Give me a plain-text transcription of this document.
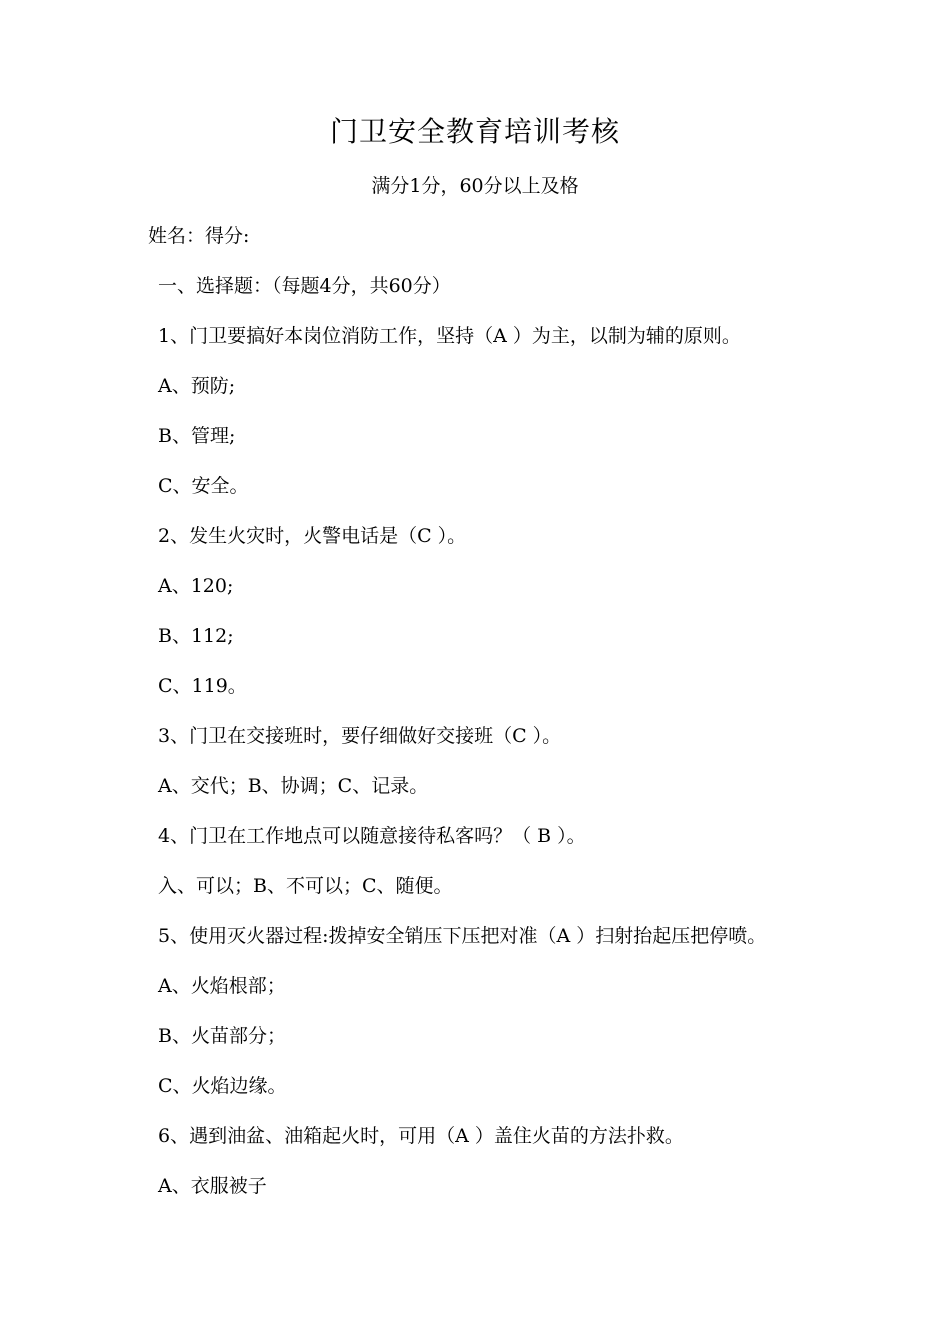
门卫安全教育培训考核
满分1分，60分以上及格
姓名：得分:
一、选择题：（每题4分，共60分）
1、门卫要搞好本岗位消防工作，坚持（A ）为主，以制为辅的原则。
A、预防;
B、管理;
C、安全。
2、发生火灾时，火警电话是（C ）。
A、120;
B、112;
C、119。
3、门卫在交接班时，要仔细做好交接班（C ）。
A、交代；B、协调；C、记录。
4、门卫在工作地点可以随意接待私客吗？（ B ）。
入、可以；B、不可以；C、随便。
5、使用灭火器过程:拨掉安全销压下压把对准（A ）扫射抬起压把停喷。
A、火焰根部；
B、火苗部分；
C、火焰边缘。
6、遇到油盆、油箱起火时，可用（A ）盖住火苗的方法扑救。
A、衣服被子
